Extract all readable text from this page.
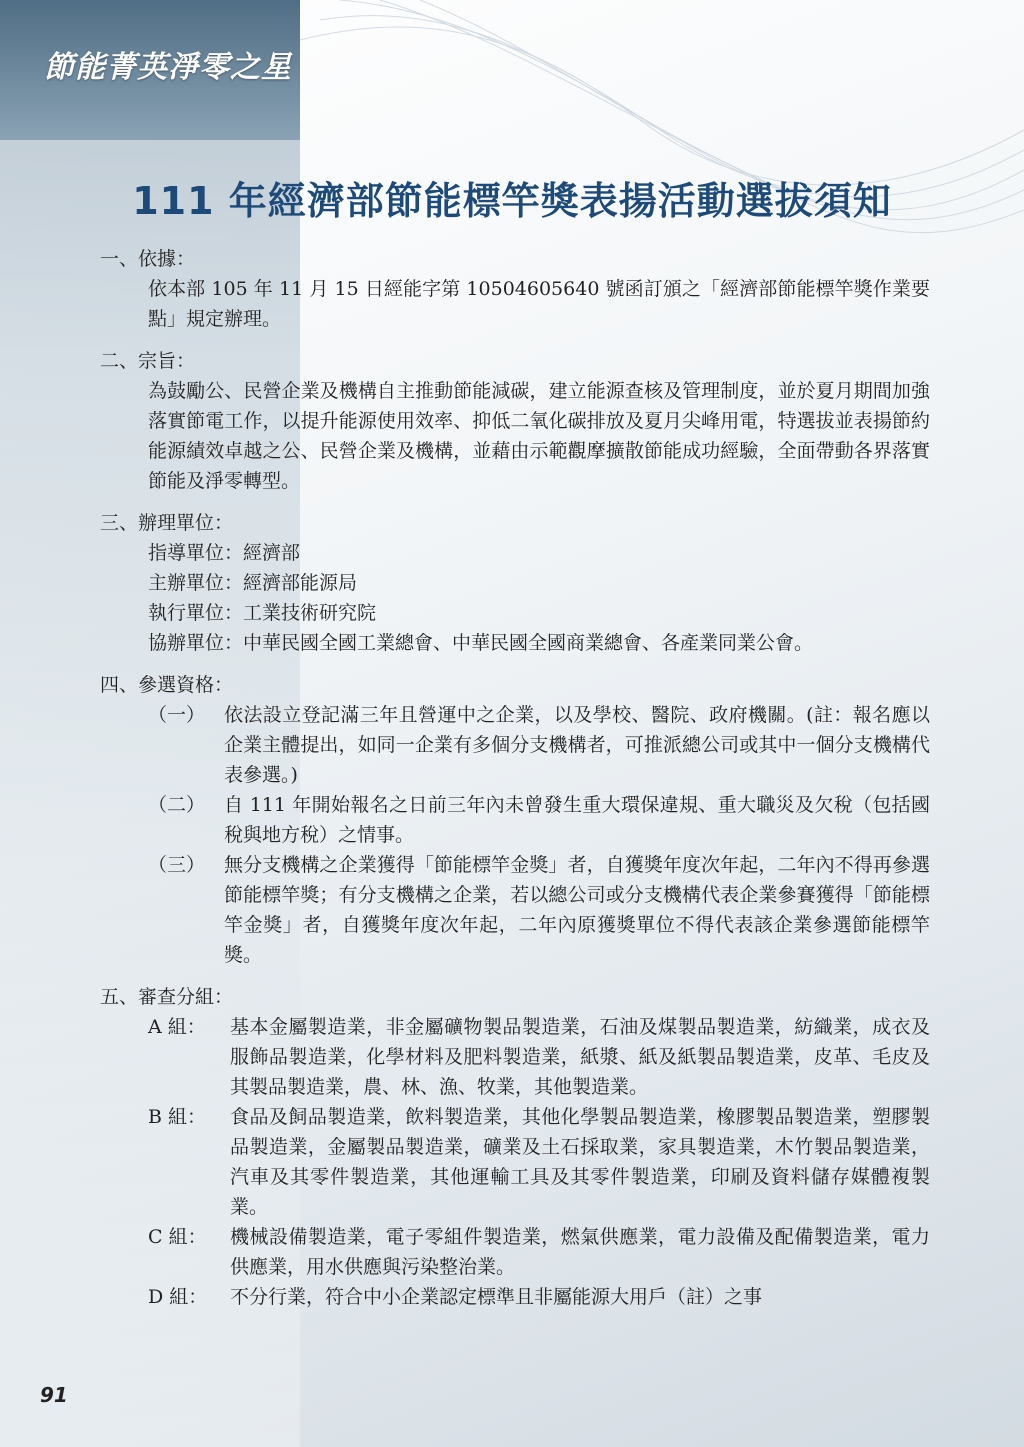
節能菁英淨零之星
111 年經濟部節能標竿獎表揚活動選拔須知

一、依據：

依本部 105 年 11 月 15 日經能字第 10504605640 號函訂頒之「經濟部節能標竿獎作業要點」規定辦理。

二、宗旨：

為鼓勵公、民營企業及機構自主推動節能減碳，建立能源查核及管理制度，並於夏月期間加強落實節電工作，以提升能源使用效率、抑低二氧化碳排放及夏月尖峰用電，特選拔並表揚節約能源績效卓越之公、民營企業及機構，並藉由示範觀摩擴散節能成功經驗，全面帶動各界落實節能及淨零轉型。

三、辦理單位：

指導單位： 經濟部
主辦單位： 經濟部能源局
執行單位： 工業技術研究院
協辦單位： 中華民國全國工業總會、中華民國全國商業總會、各產業同業公會。

四、參選資格：

（一） 依法設立登記滿三年且營運中之企業，以及學校、醫院、政府機關。(註：報名應以企業主體提出，如同一企業有多個分支機構者，可推派總公司或其中一個分支機構代表參選。)
（二） 自 111 年開始報名之日前三年內未曾發生重大環保違規、重大職災及欠稅（包括國稅與地方稅）之情事。
（三） 無分支機構之企業獲得「節能標竿金獎」者，自獲獎年度次年起，二年內不得再參選節能標竿獎；有分支機構之企業，若以總公司或分支機構代表企業參賽獲得「節能標竿金獎」者，自獲獎年度次年起，二年內原獲獎單位不得代表該企業參選節能標竿獎。

五、審查分組：

A 組：	基本金屬製造業，非金屬礦物製品製造業，石油及煤製品製造業，紡織業，成衣及服飾品製造業，化學材料及肥料製造業，紙漿、紙及紙製品製造業，皮革、毛皮及其製品製造業，農、林、漁、牧業，其他製造業。
B 組：	食品及飼品製造業，飲料製造業，其他化學製品製造業，橡膠製品製造業，塑膠製品製造業，金屬製品製造業，礦業及土石採取業，家具製造業，木竹製品製造業，汽車及其零件製造業，其他運輸工具及其零件製造業，印刷及資料儲存媒體複製業。
C 組：	機械設備製造業，電子零組件製造業，燃氣供應業，電力設備及配備製造業，電力供應業，用水供應與污染整治業。
D 組：	不分行業，符合中小企業認定標準且非屬能源大用戶（註）之事
91
